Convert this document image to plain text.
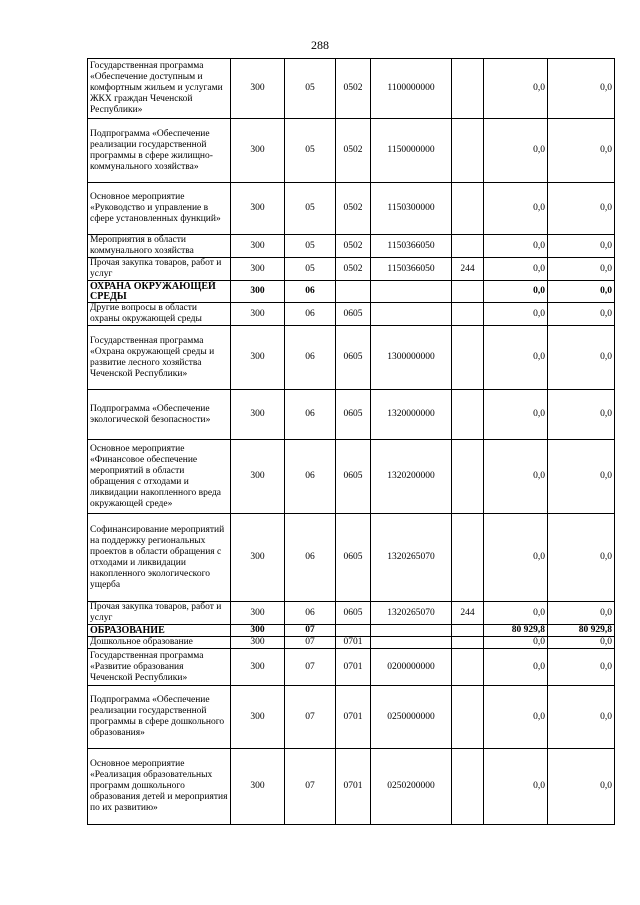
288
Государственная программа «Обеспечение доступным и комфортным жильем и услугами ЖКХ граждан Чеченской Республики»	300	05	0502	1100000000		0,0	0,0
Подпрограмма «Обеспечение реализации государственной программы в сфере жилищно-коммунального хозяйства»	300	05	0502	1150000000		0,0	0,0
Основное мероприятие «Руководство и управление в сфере установленных функций»	300	05	0502	1150300000		0,0	0,0
Мероприятия в области коммунального хозяйства	300	05	0502	1150366050		0,0	0,0
Прочая закупка товаров, работ и услуг	300	05	0502	1150366050	244	0,0	0,0
ОХРАНА ОКРУЖАЮЩЕЙ СРЕДЫ	300	06				0,0	0,0
Другие вопросы в области охраны окружающей среды	300	06	0605			0,0	0,0
Государственная программа «Охрана окружающей среды и развитие лесного хозяйства Чеченской Республики»	300	06	0605	1300000000		0,0	0,0
Подпрограмма «Обеспечение экологической безопасности»	300	06	0605	1320000000		0,0	0,0
Основное мероприятие «Финансовое обеспечение мероприятий в области обращения с отходами и ликвидации накопленного вреда окружающей среде»	300	06	0605	1320200000		0,0	0,0
Софинансирование мероприятий на поддержку региональных проектов в области обращения с отходами и ликвидации накопленного экологического ущерба	300	06	0605	1320265070		0,0	0,0
Прочая закупка товаров, работ и услуг	300	06	0605	1320265070	244	0,0	0,0
ОБРАЗОВАНИЕ	300	07				80 929,8	80 929,8
Дошкольное образование	300	07	0701			0,0	0,0
Государственная программа «Развитие образования Чеченской Республики»	300	07	0701	0200000000		0,0	0,0
Подпрограмма «Обеспечение реализации государственной программы в сфере дошкольного образования»	300	07	0701	0250000000		0,0	0,0
Основное мероприятие «Реализация образовательных программ дошкольного образования детей и мероприятия по их развитию»	300	07	0701	0250200000		0,0	0,0
